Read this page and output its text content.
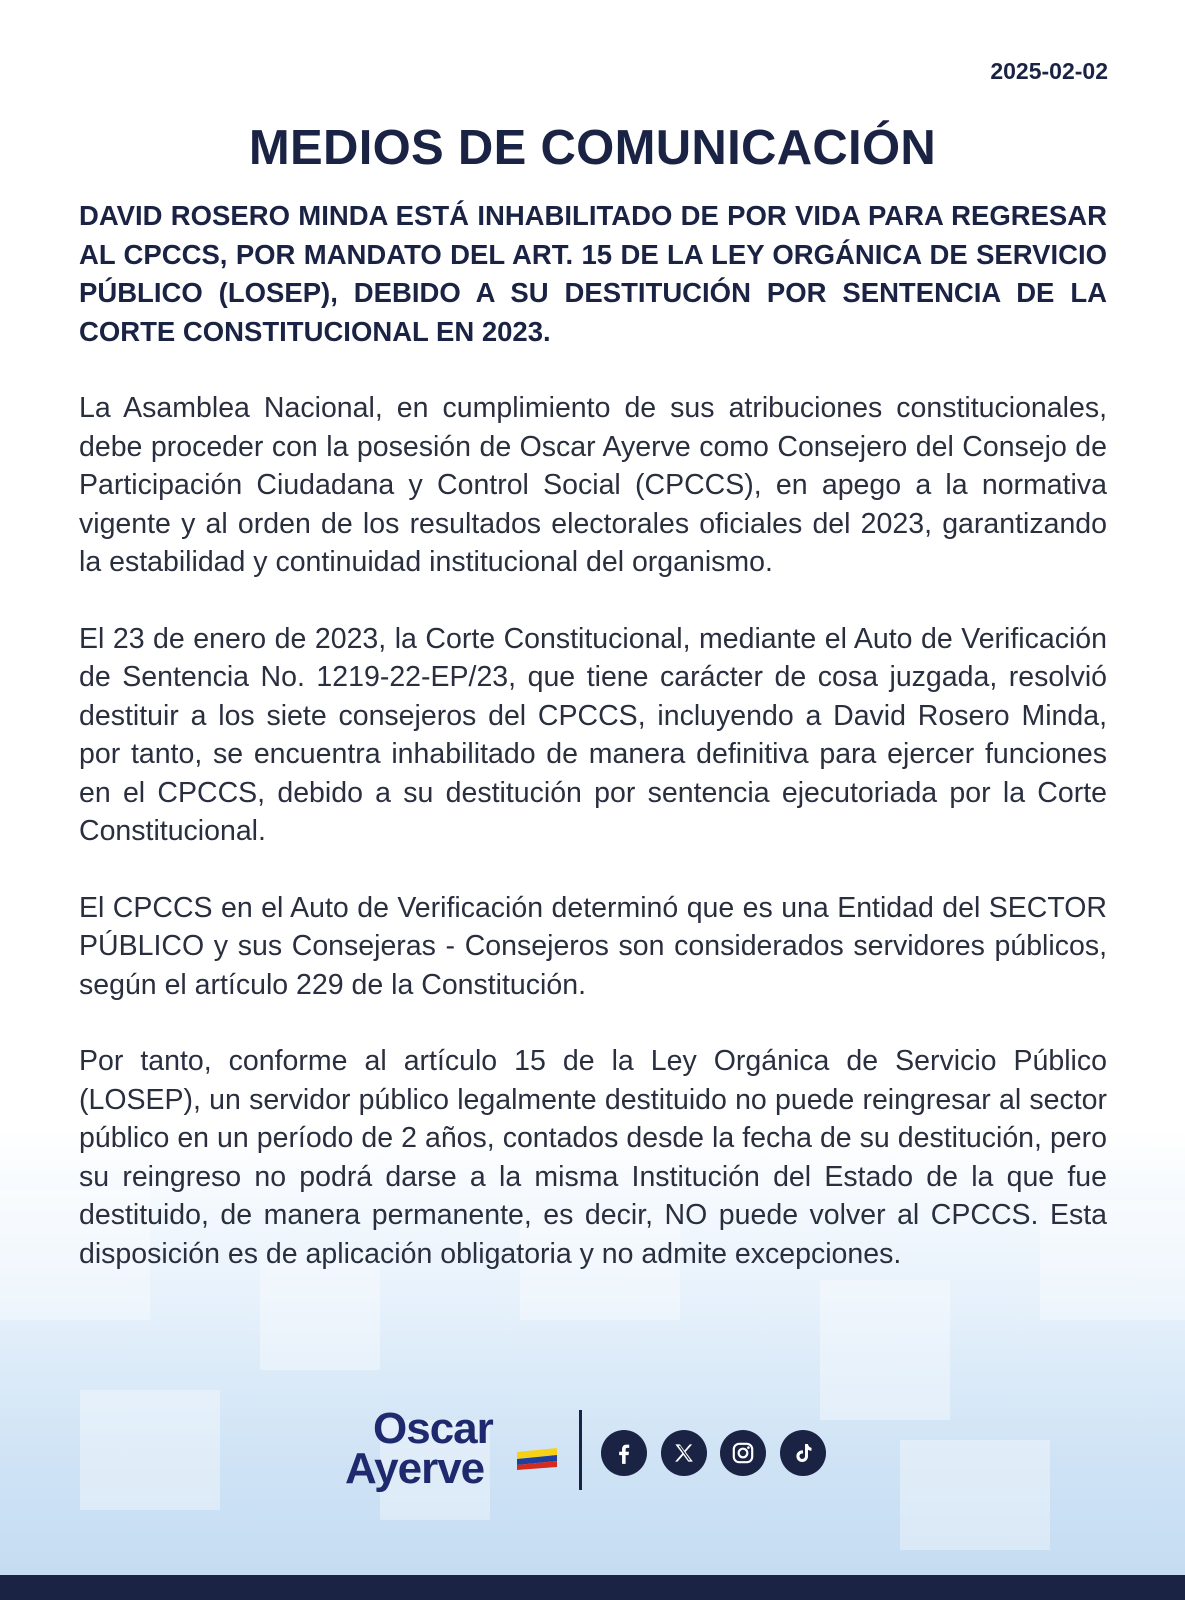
2025-02-02
MEDIOS DE COMUNICACIÓN

DAVID ROSERO MINDA ESTÁ INHABILITADO DE POR VIDA PARA REGRESAR AL CPCCS, POR MANDATO DEL ART. 15 DE LA LEY ORGÁNICA DE SERVICIO PÚBLICO (LOSEP), DEBIDO A SU DESTITUCIÓN POR SENTENCIA DE LA CORTE CONSTITUCIONAL EN 2023.

La Asamblea Nacional, en cumplimiento de sus atribuciones constitucionales, debe proceder con la posesión de Oscar Ayerve como Consejero del Consejo de Participación Ciudadana y Control Social (CPCCS), en apego a la normativa vigente y al orden de los resultados electorales oficiales del 2023, garantizando la estabilidad y continuidad institucional del organismo.

El 23 de enero de 2023, la Corte Constitucional, mediante el Auto de Verificación de Sentencia No. 1219-22-EP/23, que tiene carácter de cosa juzgada, resolvió destituir a los siete consejeros del CPCCS, incluyendo a David Rosero Minda, por tanto, se encuentra inhabilitado de manera definitiva para ejercer funciones en el CPCCS, debido a su destitución por sentencia ejecutoriada por la Corte Constitucional.

El CPCCS en el Auto de Verificación determinó que es una Entidad del SECTOR PÚBLICO y sus Consejeras - Consejeros son considerados servidores públicos, según el artículo 229 de la Constitución.

Por tanto, conforme al artículo 15 de la Ley Orgánica de Servicio Público (LOSEP), un servidor público legalmente destituido no puede reingresar al sector público en un período de 2 años, contados desde la fecha de su destitución, pero su reingreso no podrá darse a la misma Institución del Estado de la que fue destituido, de manera permanente, es decir, NO puede volver al CPCCS. Esta disposición es de aplicación obligatoria y no admite excepciones.

Oscar
Ayerve
